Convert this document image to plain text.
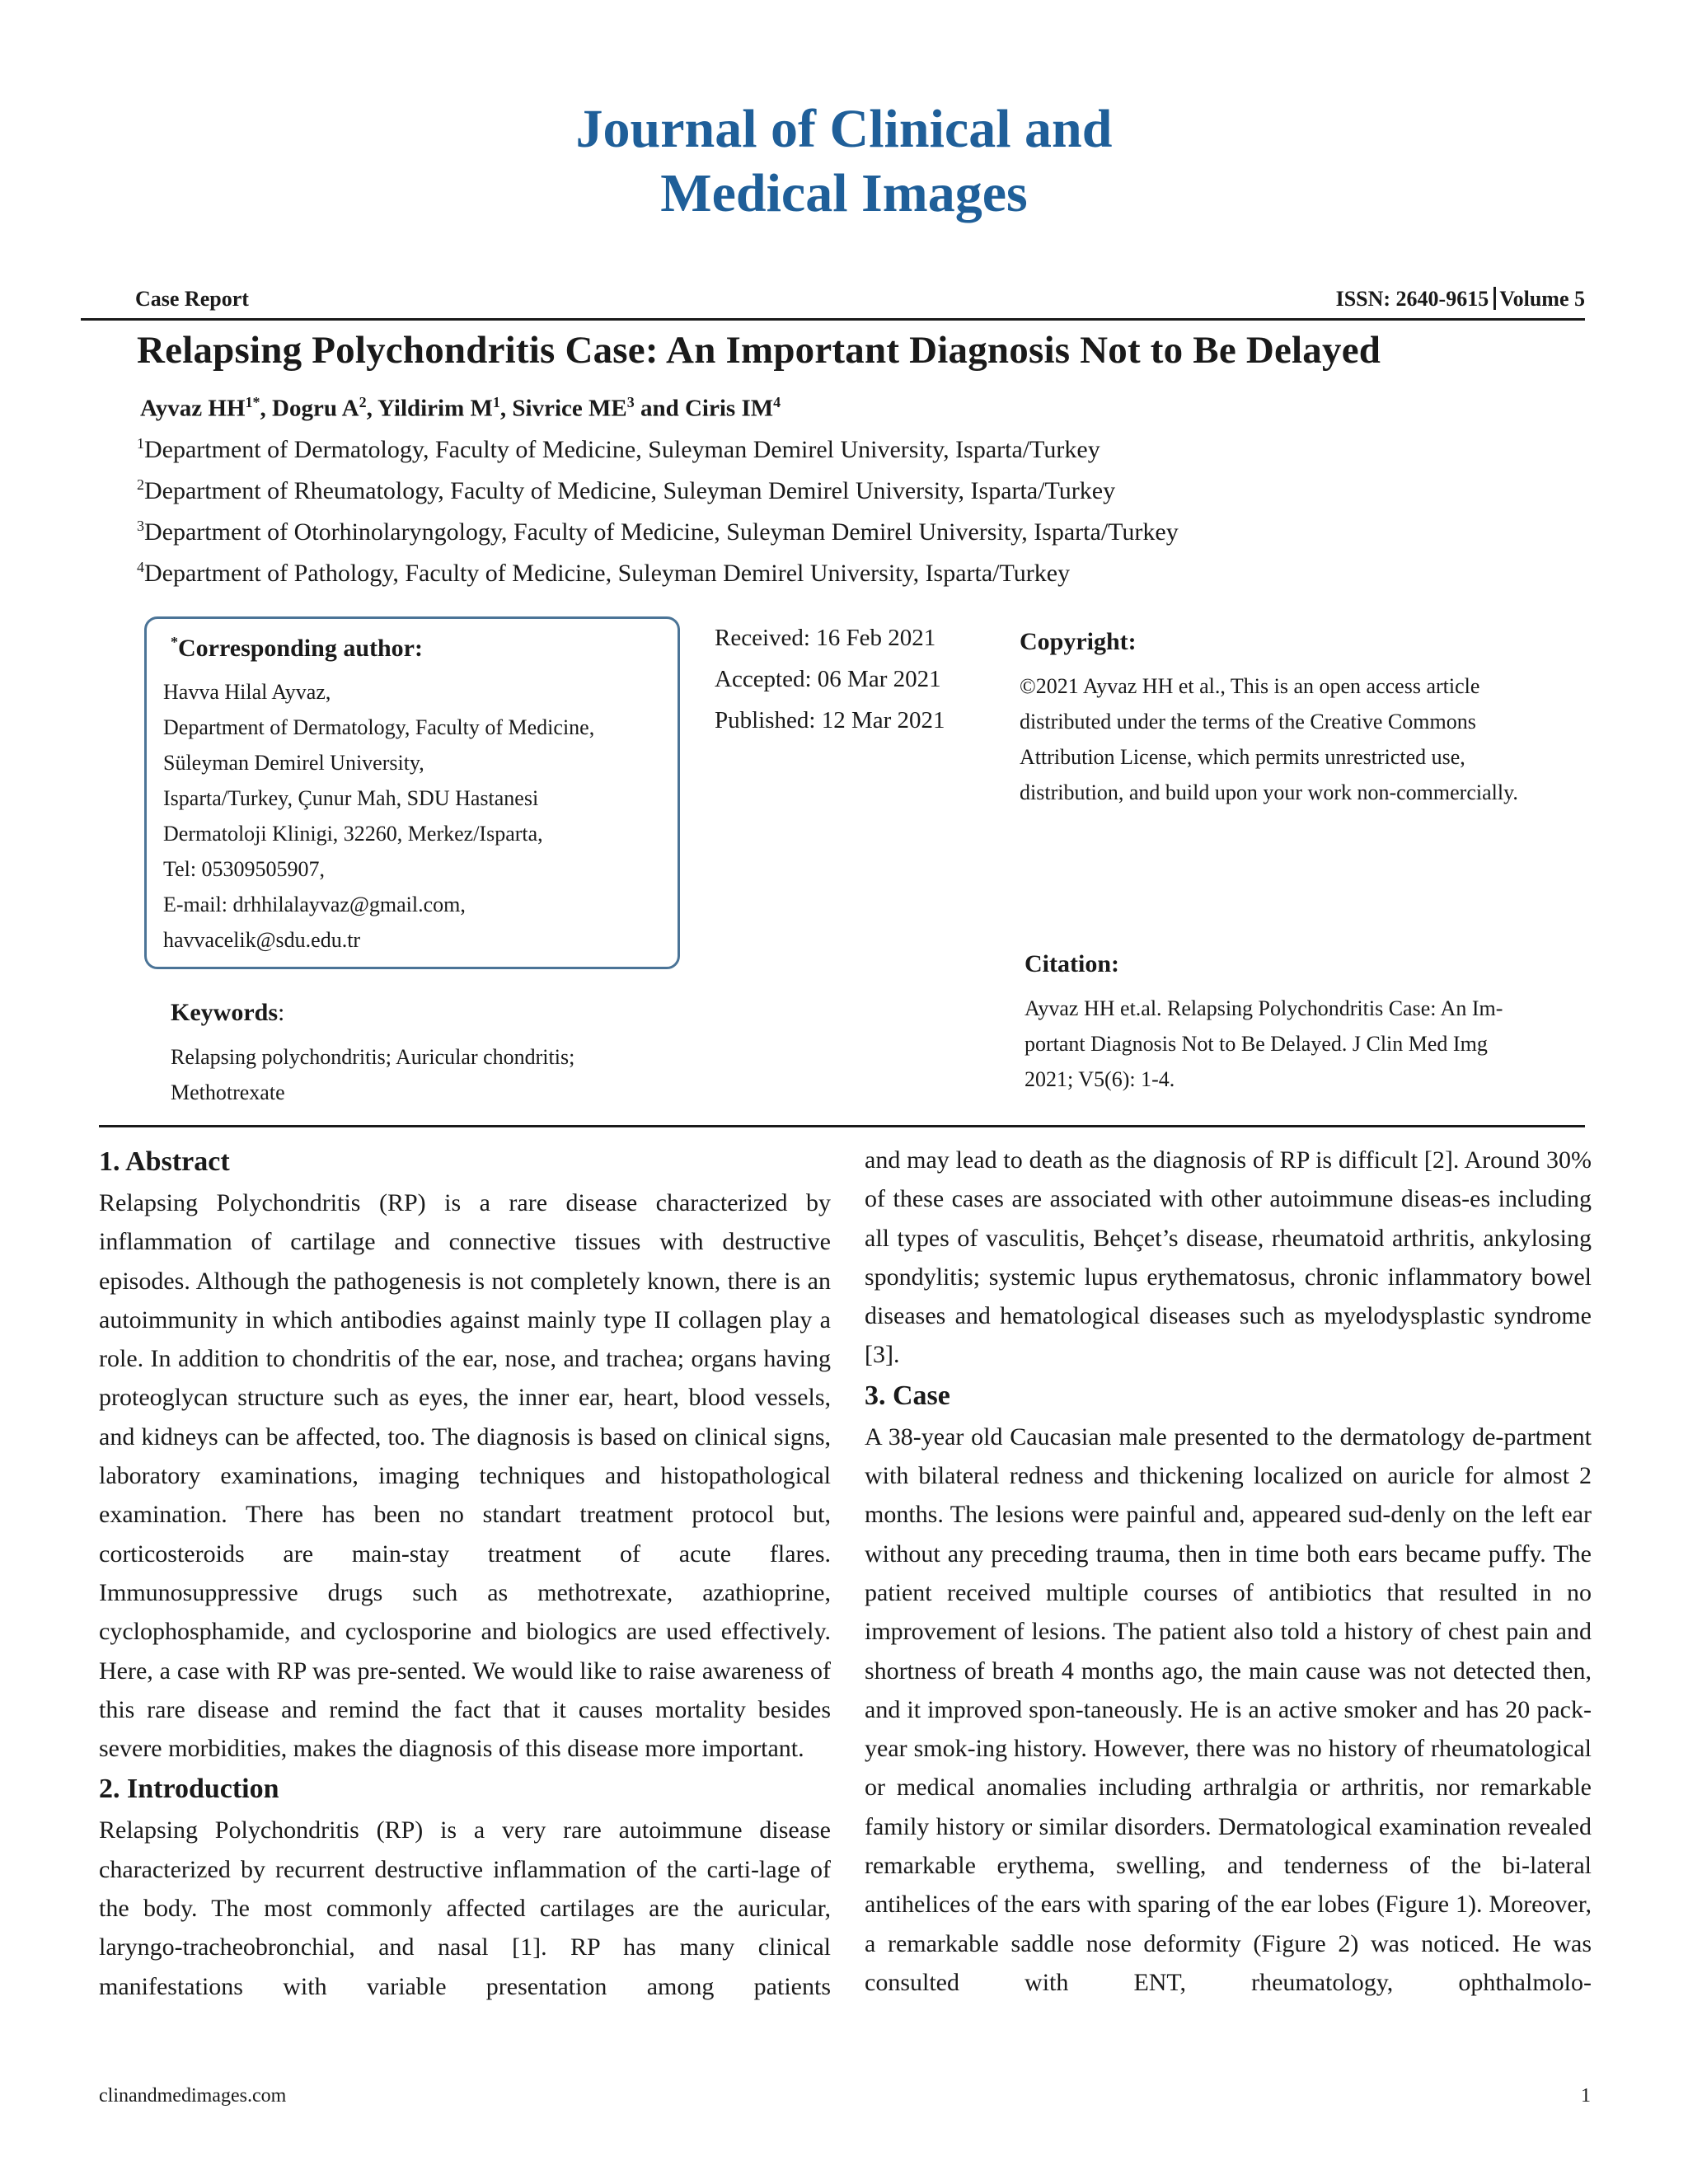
Journal of Clinical and
Medical Images
Case Report	ISSN: 2640-9615 Volume 5
Relapsing Polychondritis Case: An Important Diagnosis Not to Be Delayed
Ayvaz $HH^{1*}$, Dogru $A^2$, Yildirim $M^1$, Sivrice $ME^3$ and Ciris $IM^4$
$^1$Department of Dermatology, Faculty of Medicine, Suleyman Demirel University, Isparta/Turkey
$^2$Department of Rheumatology, Faculty of Medicine, Suleyman Demirel University, Isparta/Turkey
$^3$Department of Otorhinolaryngology, Faculty of Medicine, Suleyman Demirel University, Isparta/Turkey
$^4$Department of Pathology, Faculty of Medicine, Suleyman Demirel University, Isparta/Turkey
*Corresponding author:
Havva Hilal Ayvaz,
Department of Dermatology, Faculty of Medicine,
Süleyman Demirel University,
Isparta/Turkey, Çunur Mah, SDU Hastanesi
Dermatoloji Klinigi, 32260, Merkez/Isparta,
Tel: 05309505907,
E-mail: drhhilalayvaz@gmail.com,
havvacelik@sdu.edu.tr
Received: 16 Feb 2021
Accepted: 06 Mar 2021
Published: 12 Mar 2021
Copyright:
©2021 Ayvaz HH et al., This is an open access article
distributed under the terms of the Creative Commons
Attribution License, which permits unrestricted use,
distribution, and build upon your work non-commercially.
Citation:
Ayvaz HH et.al. Relapsing Polychondritis Case: An Im-
portant Diagnosis Not to Be Delayed. J Clin Med Img
2021; V5(6): 1-4.
Keywords:
Relapsing polychondritis; Auricular chondritis;
Methotrexate
1. Abstract

Relapsing Polychondritis (RP) is a rare disease characterized by inflammation of cartilage and connective tissues with destructive episodes. Although the pathogenesis is not completely known, there is an autoimmunity in which antibodies against mainly type II collagen play a role. In addition to chondritis of the ear, nose, and trachea; organs having proteoglycan structure such as eyes, the inner ear, heart, blood vessels, and kidneys can be affected, too. The diagnosis is based on clinical signs, laboratory examinations, imaging techniques and histopathological examination. There has been no standart treatment protocol but, corticosteroids are main-stay treatment of acute flares. Immunosuppressive drugs such as methotrexate, azathioprine, cyclophosphamide, and cyclosporine and biologics are used effectively. Here, a case with RP was pre-sented. We would like to raise awareness of this rare disease and remind the fact that it causes mortality besides severe morbidities, makes the diagnosis of this disease more important.

2. Introduction

Relapsing Polychondritis (RP) is a very rare autoimmune disease characterized by recurrent destructive inflammation of the carti-lage of the body. The most commonly affected cartilages are the auricular, laryngo-tracheobronchial, and nasal [1]. RP has many clinical manifestations with variable presentation among patients

and may lead to death as the diagnosis of RP is difficult [2]. Around 30% of these cases are associated with other autoimmune diseas-es including all types of vasculitis, Behçet’s disease, rheumatoid arthritis, ankylosing spondylitis; systemic lupus erythematosus, chronic inflammatory bowel diseases and hematological diseases such as myelodysplastic syndrome [3].

3. Case

A 38-year old Caucasian male presented to the dermatology de-partment with bilateral redness and thickening localized on auricle for almost 2 months. The lesions were painful and, appeared sud-denly on the left ear without any preceding trauma, then in time both ears became puffy. The patient received multiple courses of antibiotics that resulted in no improvement of lesions. The patient also told a history of chest pain and shortness of breath 4 months ago, the main cause was not detected then, and it improved spon-taneously. He is an active smoker and has 20 pack-year smok-ing history. However, there was no history of rheumatological or medical anomalies including arthralgia or arthritis, nor remarkable family history or similar disorders. Dermatological examination revealed remarkable erythema, swelling, and tenderness of the bi-lateral antihelices of the ears with sparing of the ear lobes (Figure 1). Moreover, a remarkable saddle nose deformity (Figure 2) was noticed. He was consulted with ENT, rheumatology, ophthalmolo-

clinandmedimages.com	1
